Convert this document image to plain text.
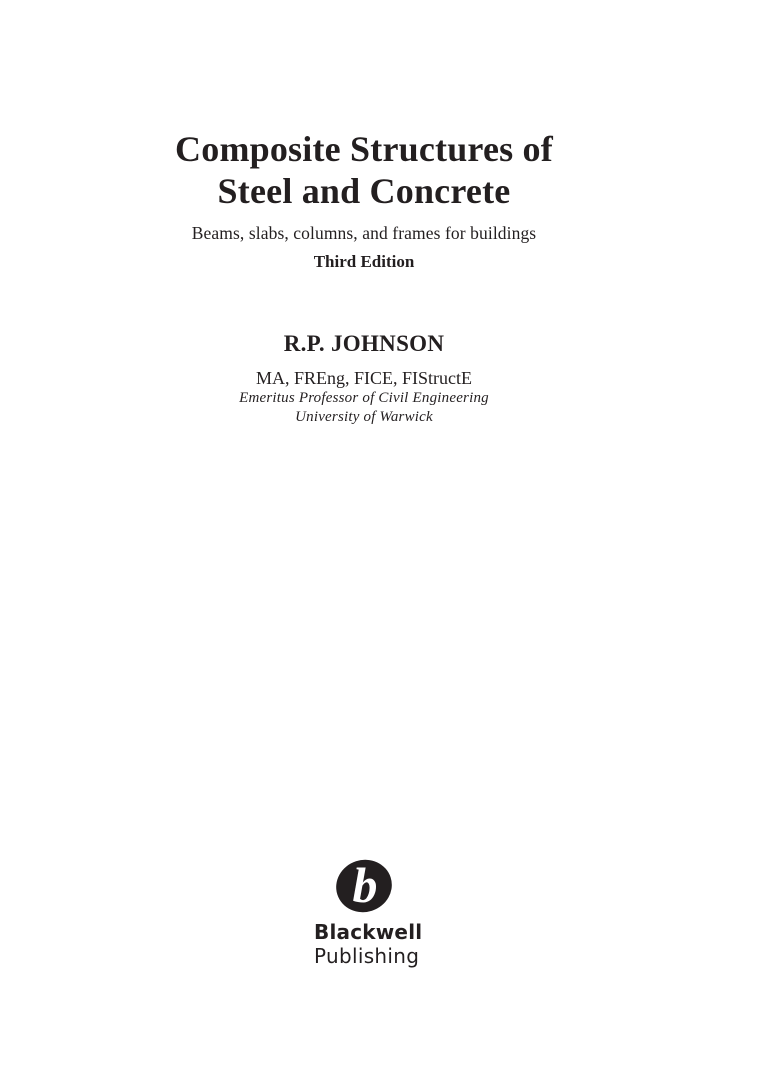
Composite Structures of
Steel and Concrete
Beams, slabs, columns, and frames for buildings
Third Edition
R.P. JOHNSON
MA, FREng, FICE, FIStructE
Emeritus Professor of Civil Engineering
University of Warwick
b
Blackwell
Publishing
